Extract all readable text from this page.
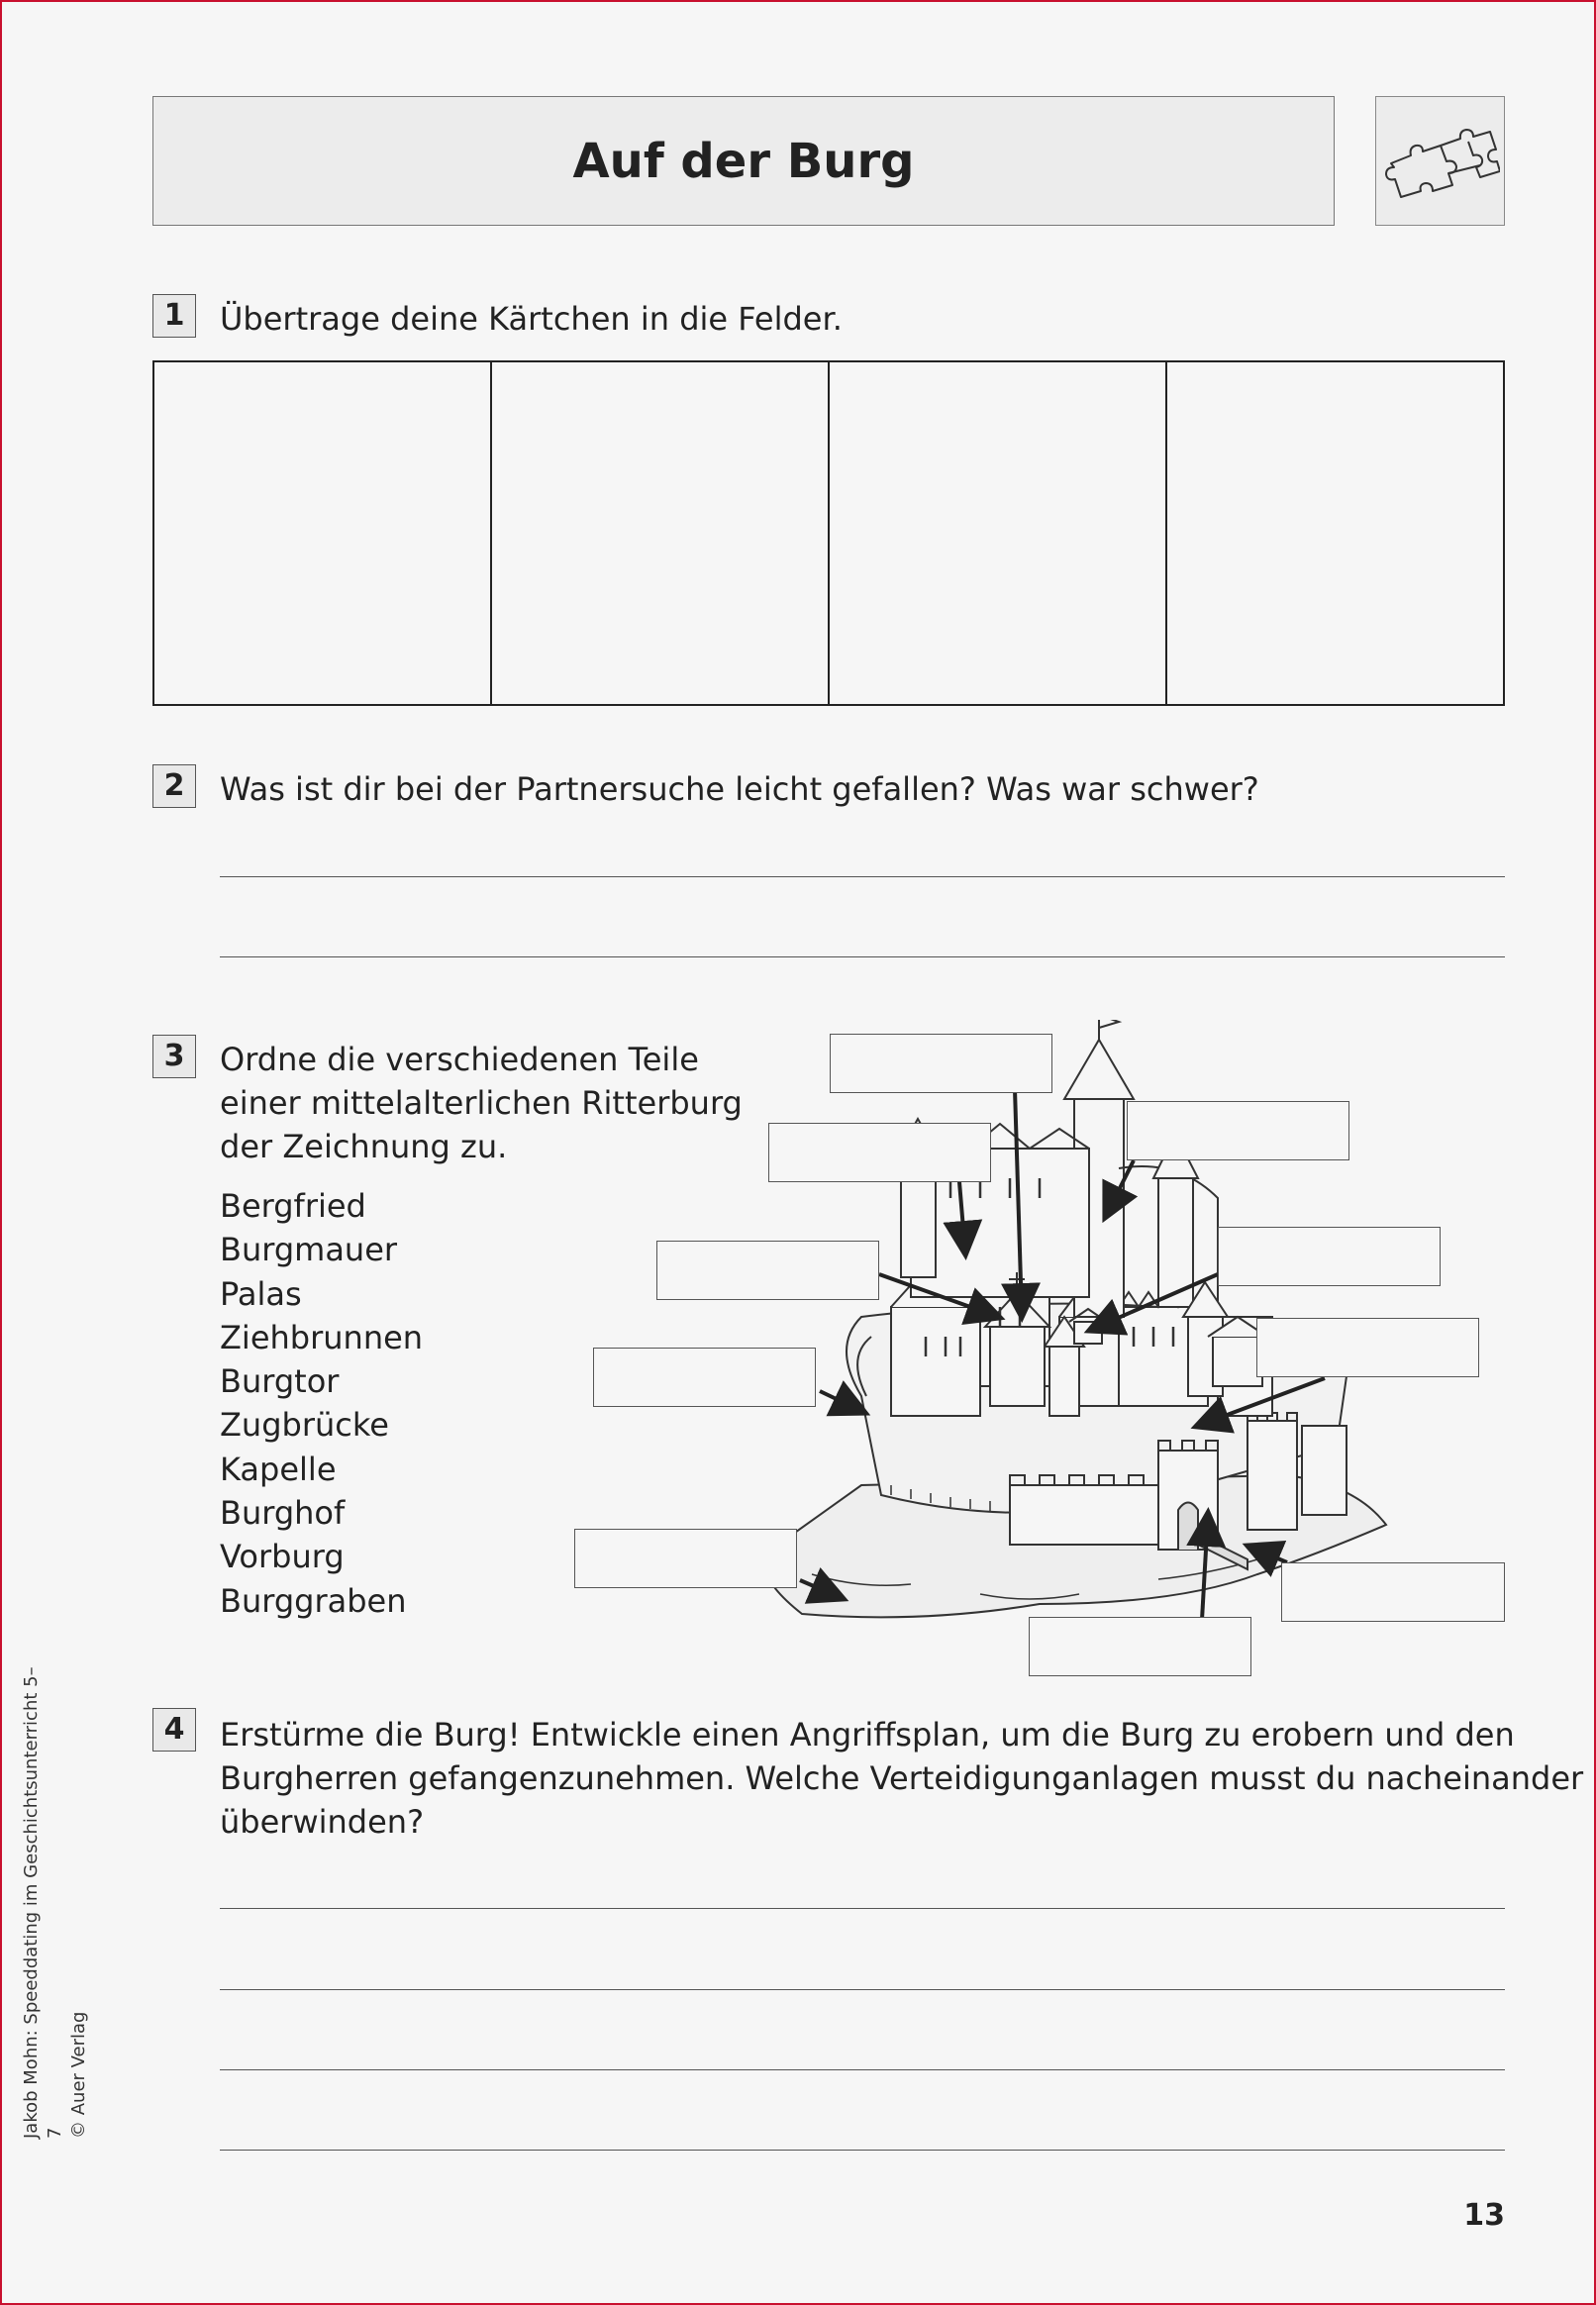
Auf der Burg
1	Übertrage deine Kärtchen in die Felder.
2	Was ist dir bei der Partnersuche leicht gefallen? Was war schwer?
3	Ordne die verschiedenen Teile
einer mittelalterlichen Ritterburg
der Zeichnung zu.
Bergfried
Burgmauer
Palas
Ziehbrunnen
Burgtor
Zugbrücke
Kapelle
Burghof
Vorburg
Burggraben
4	Erstürme die Burg! Entwickle einen Angriffsplan, um die Burg zu erobern und den
Burgherren gefangenzunehmen. Welche Verteidigunganlagen musst du nacheinander
überwinden?
Jakob Mohn: Speeddating im Geschichtsunterricht 5–7 © Auer Verlag
13
